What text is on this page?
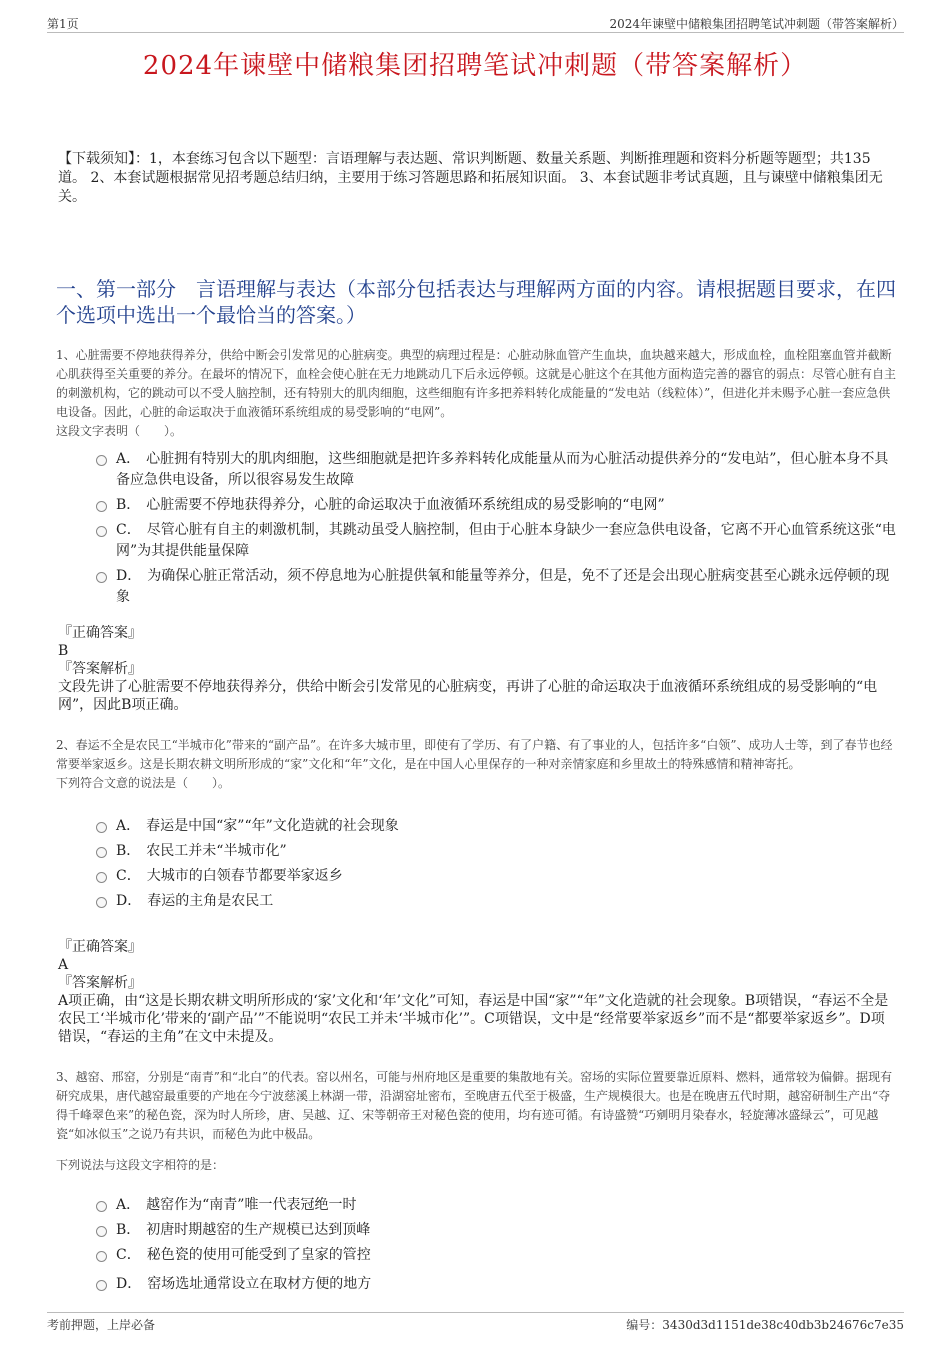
第1页	2024年谏壁中储粮集团招聘笔试冲刺题（带答案解析）
2024年谏壁中储粮集团招聘笔试冲刺题（带答案解析）
【下载须知】：1，本套练习包含以下题型：言语理解与表达题、常识判断题、数量关系题、判断推理题和资料分析题等题型；共135道。 2、本套试题根据常见招考题总结归纳，主要用于练习答题思路和拓展知识面。 3、本套试题非考试真题，且与谏壁中储粮集团无关。
一、第一部分　言语理解与表达（本部分包括表达与理解两方面的内容。请根据题目要求，在四个选项中选出一个最恰当的答案。）

1、心脏需要不停地获得养分，供给中断会引发常见的心脏病变。典型的病理过程是：心脏动脉血管产生血块，血块越来越大，形成血栓，血栓阻塞血管并截断心肌获得至关重要的养分。在最坏的情况下，血栓会使心脏在无力地跳动几下后永远停顿。这就是心脏这个在其他方面构造完善的器官的弱点：尽管心脏有自主的刺激机构，它的跳动可以不受人脑控制，还有特别大的肌肉细胞，这些细胞有许多把养料转化成能量的“发电站（线粒体）”，但进化并未赐予心脏一套应急供电设备。因此，心脏的命运取决于血液循环系统组成的易受影响的“电网”。

这段文字表明（　　）。

A． 心脏拥有特别大的肌肉细胞，这些细胞就是把许多养料转化成能量从而为心脏活动提供养分的“发电站”，但心脏本身不具备应急供电设备，所以很容易发生故障
B． 心脏需要不停地获得养分，心脏的命运取决于血液循环系统组成的易受影响的“电网”
C． 尽管心脏有自主的刺激机制，其跳动虽受人脑控制，但由于心脏本身缺少一套应急供电设备，它离不开心血管系统这张“电网”为其提供能量保障
D． 为确保心脏正常活动，须不停息地为心脏提供氧和能量等养分，但是，免不了还是会出现心脏病变甚至心跳永远停顿的现象
『正确答案』
B
『答案解析』
文段先讲了心脏需要不停地获得养分，供给中断会引发常见的心脏病变，再讲了心脏的命运取决于血液循环系统组成的易受影响的“电网”，因此B项正确。

2、春运不全是农民工“半城市化”带来的“副产品”。在许多大城市里，即使有了学历、有了户籍、有了事业的人，包括许多“白领”、成功人士等，到了春节也经常要举家返乡。这是长期农耕文明所形成的“家”文化和“年”文化，是在中国人心里保存的一种对亲情家庭和乡里故土的特殊感情和精神寄托。

下列符合文意的说法是（　　）。

A． 春运是中国“家”“年”文化造就的社会现象
B． 农民工并未“半城市化”
C． 大城市的白领春节都要举家返乡
D． 春运的主角是农民工
『正确答案』
A
『答案解析』
A项正确，由“这是长期农耕文明所形成的‘家’文化和‘年’文化”可知，春运是中国“家”“年”文化造就的社会现象。B项错误，“春运不全是农民工‘半城市化’带来的‘副产品’”不能说明“农民工并未‘半城市化’”。C项错误，文中是“经常要举家返乡”而不是“都要举家返乡”。D项错误，“春运的主角”在文中未提及。

3、越窑、邢窑，分别是“南青”和“北白”的代表。窑以州名，可能与州府地区是重要的集散地有关。窑场的实际位置要靠近原料、燃料，通常较为偏僻。据现有研究成果，唐代越窑最重要的产地在今宁波慈溪上林湖一带，沿湖窑址密布，至晚唐五代至于极盛，生产规模很大。也是在晚唐五代时期，越窑研制生产出“夺得千峰翠色来”的秘色瓷，深为时人所珍，唐、吴越、辽、宋等朝帝王对秘色瓷的使用，均有迹可循。有诗盛赞“巧剜明月染春水，轻旋薄冰盛绿云”，可见越瓷“如冰似玉”之说乃有共识，而秘色为此中极品。

下列说法与这段文字相符的是：

A． 越窑作为“南青”唯一代表冠绝一时
B． 初唐时期越窑的生产规模已达到顶峰
C． 秘色瓷的使用可能受到了皇家的管控
D． 窑场选址通常设立在取材方便的地方
考前押题，上岸必备	编号：3430d3d1151de38c40db3b24676c7e35
